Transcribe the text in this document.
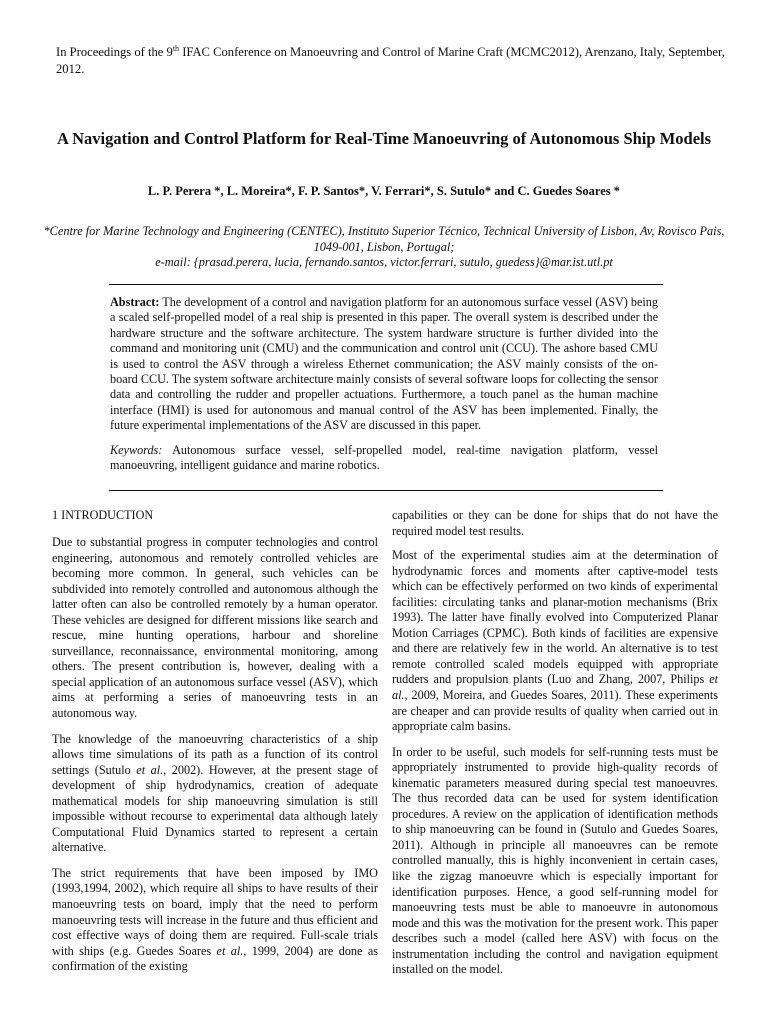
In Proceedings of the 9th IFAC Conference on Manoeuvring and Control of Marine Craft (MCMC2012), Arenzano, Italy, September, 2012.
A Navigation and Control Platform for Real-Time Manoeuvring of Autonomous Ship Models
L. P. Perera *, L. Moreira*, F. P. Santos*, V. Ferrari*, S. Sutulo* and C. Guedes Soares *
*Centre for Marine Technology and Engineering (CENTEC), Instituto Superior Técnico, Technical University of Lisbon, Av, Rovisco Pais, 1049-001, Lisbon, Portugal;
e-mail: {prasad.perera, lucia, fernando.santos, victor.ferrari, sutulo, guedess}@mar.ist.utl.pt

Abstract: The development of a control and navigation platform for an autonomous surface vessel (ASV) being a scaled self-propelled model of a real ship is presented in this paper. The overall system is described under the hardware structure and the software architecture. The system hardware structure is further divided into the command and monitoring unit (CMU) and the communication and control unit (CCU). The ashore based CMU is used to control the ASV through a wireless Ethernet communication; the ASV mainly consists of the on-board CCU. The system software architecture mainly consists of several software loops for collecting the sensor data and controlling the rudder and propeller actuations. Furthermore, a touch panel as the human machine interface (HMI) is used for autonomous and manual control of the ASV has been implemented. Finally, the future experimental implementations of the ASV are discussed in this paper.

Keywords: Autonomous surface vessel, self-propelled model, real-time navigation platform, vessel manoeuvring, intelligent guidance and marine robotics.

1 INTRODUCTION

Due to substantial progress in computer technologies and control engineering, autonomous and remotely controlled vehicles are becoming more common. In general, such vehicles can be subdivided into remotely controlled and autonomous although the latter often can also be controlled remotely by a human operator. These vehicles are designed for different missions like search and rescue, mine hunting operations, harbour and shoreline surveillance, reconnaissance, environmental monitoring, among others. The present contribution is, however, dealing with a special application of an autonomous surface vessel (ASV), which aims at performing a series of manoeuvring tests in an autonomous way.

The knowledge of the manoeuvring characteristics of a ship allows time simulations of its path as a function of its control settings (Sutulo et al., 2002). However, at the present stage of development of ship hydrodynamics, creation of adequate mathematical models for ship manoeuvring simulation is still impossible without recourse to experimental data although lately Computational Fluid Dynamics started to represent a certain alternative.

The strict requirements that have been imposed by IMO (1993,1994, 2002), which require all ships to have results of their manoeuvring tests on board, imply that the need to perform manoeuvring tests will increase in the future and thus efficient and cost effective ways of doing them are required. Full-scale trials with ships (e.g. Guedes Soares et al., 1999, 2004) are done as confirmation of the existing

capabilities or they can be done for ships that do not have the required model test results.

Most of the experimental studies aim at the determination of hydrodynamic forces and moments after captive-model tests which can be effectively performed on two kinds of experimental facilities: circulating tanks and planar-motion mechanisms (Brix 1993). The latter have finally evolved into Computerized Planar Motion Carriages (CPMC). Both kinds of facilities are expensive and there are relatively few in the world. An alternative is to test remote controlled scaled models equipped with appropriate rudders and propulsion plants (Luo and Zhang, 2007, Philips et al., 2009, Moreira, and Guedes Soares, 2011). These experiments are cheaper and can provide results of quality when carried out in appropriate calm basins.

In order to be useful, such models for self-running tests must be appropriately instrumented to provide high-quality records of kinematic parameters measured during special test manoeuvres. The thus recorded data can be used for system identification procedures. A review on the application of identification methods to ship manoeuvring can be found in (Sutulo and Guedes Soares, 2011). Although in principle all manoeuvres can be remote controlled manually, this is highly inconvenient in certain cases, like the zigzag manoeuvre which is especially important for identification purposes. Hence, a good self-running model for manoeuvring tests must be able to manoeuvre in autonomous mode and this was the motivation for the present work. This paper describes such a model (called here ASV) with focus on the instrumentation including the control and navigation equipment installed on the model.
